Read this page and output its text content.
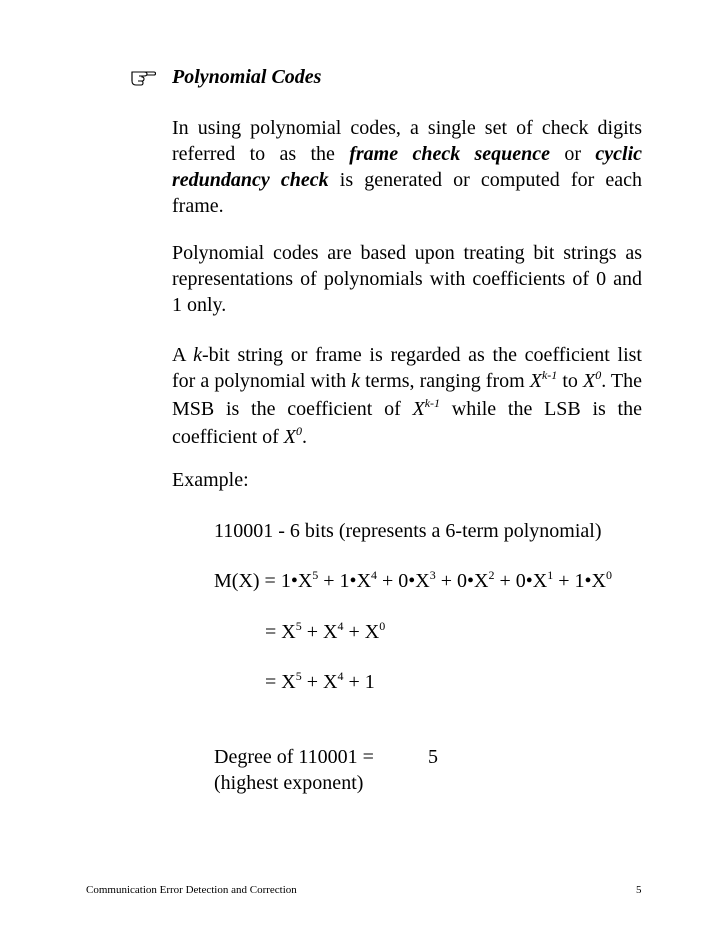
Polynomial Codes
In using polynomial codes, a single set of check digits referred to as the frame check sequence or cyclic redundancy check is generated or computed for each frame.
Polynomial codes are based upon treating bit strings as representations of polynomials with coefficients of 0 and 1 only.
A k-bit string or frame is regarded as the coefficient list for a polynomial with k terms, ranging from $X^{k-1}$ to $X^0$. The MSB is the coefficient of $X^{k-1}$ while the LSB is the coefficient of $X^0$.
Example:
110001 - 6 bits (represents a 6-term polynomial)
$M(X) = 1•X^5$ + $1•X^4$ + $0•X^3$ + $0•X^2$ + $0•X^1$ + $1•X^0$
= $X^5 + X^4 + X^0$
= $X^5 + X^4 + 1$
Degree of 110001 =	5
(highest exponent)
Communication Error Detection and Correction	5
